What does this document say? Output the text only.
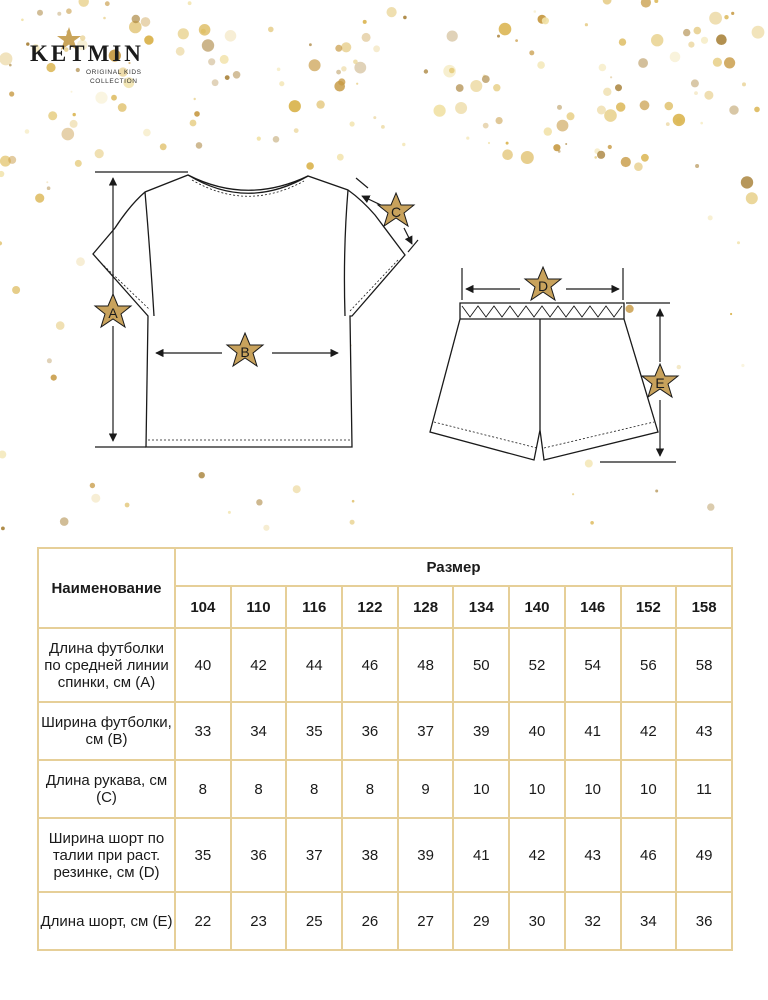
KETMIN
ORIGINAL KIDS
COLLECTION
A
B
C
D
E
Наименование	Размер									
	104	110	116	122	128	134	140	146	152	158
Длина футболки по средней линии спинки, см (А)	40	42	44	46	48	50	52	54	56	58
Ширина футболки, см (B)	33	34	35	36	37	39	40	41	42	43
Длина рукава, см (С)	8	8	8	8	9	10	10	10	10	11
Ширина шорт по талии при раст. резинке, см (D)	35	36	37	38	39	41	42	43	46	49
Длина шорт, см (E)	22	23	25	26	27	29	30	32	34	36
